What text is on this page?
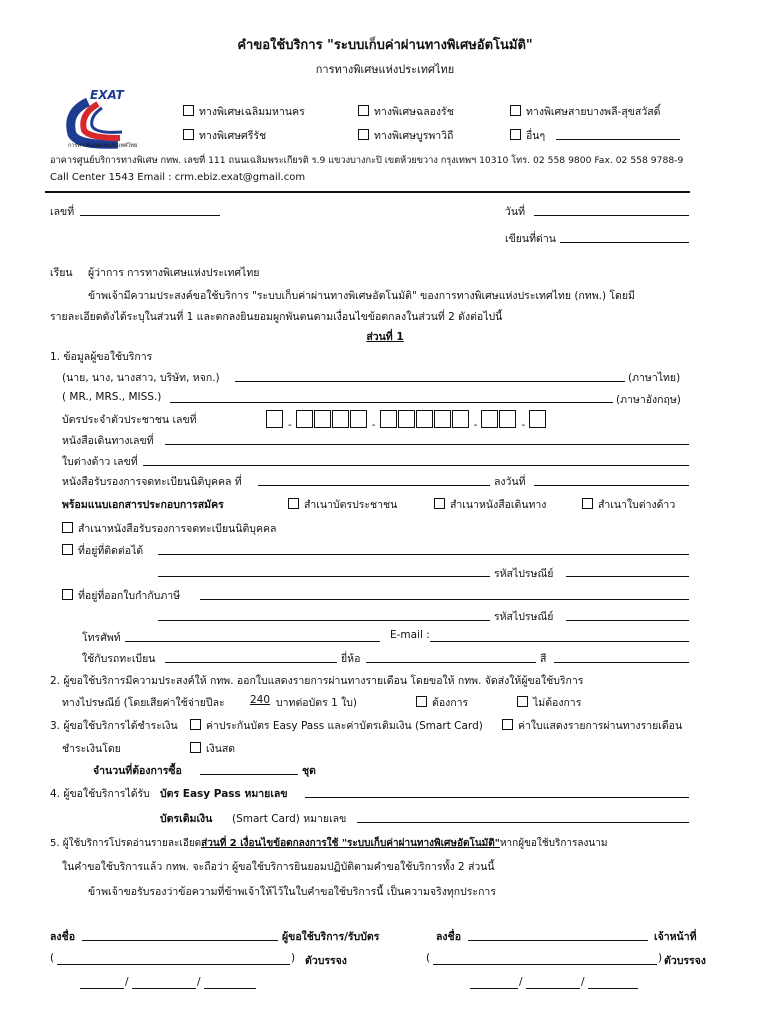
คำขอใช้บริการ "ระบบเก็บค่าผ่านทางพิเศษอัตโนมัติ"
การทางพิเศษแห่งประเทศไทย
EXAT
การทางพิเศษแห่งประเทศไทย
ทางพิเศษเฉลิมมหานคร	ทางพิเศษฉลองรัช	ทางพิเศษสายบางพลี-สุขสวัสดิ์
ทางพิเศษศรีรัช	ทางพิเศษบูรพาวิถี	อื่นๆ
อาคารศูนย์บริการทางพิเศษ กทพ. เลขที่ 111 ถนนเฉลิมพระเกียรติ ร.9 แขวงบางกะปิ เขตห้วยขวาง กรุงเทพฯ 10310 โทร. 02 558 9800 Fax. 02 558 9788-9
Call Center 1543 Email : crm.ebiz.exat@gmail.com
เลขที่	วันที่
เขียนที่ด่าน
เรียน ผู้ว่าการ การทางพิเศษแห่งประเทศไทย
ข้าพเจ้ามีความประสงค์ขอใช้บริการ "ระบบเก็บค่าผ่านทางพิเศษอัตโนมัติ" ของการทางพิเศษแห่งประเทศไทย (กทพ.) โดยมี
รายละเอียดดังได้ระบุในส่วนที่ 1 และตกลงยินยอมผูกพันตนตามเงื่อนไขข้อตกลงในส่วนที่ 2 ดังต่อไปนี้
ส่วนที่ 1
1. ข้อมูลผู้ขอใช้บริการ
(นาย, นาง, นางสาว, บริษัท, หจก.)	(ภาษาไทย)
( MR., MRS., MISS.)	(ภาษาอังกฤษ)
บัตรประจำตัวประชาชน เลขที่	-	-	-	-
หนังสือเดินทางเลขที่
ใบต่างด้าว เลขที่
หนังสือรับรองการจดทะเบียนนิติบุคคล ที่	ลงวันที่
พร้อมแนบเอกสารประกอบการสมัคร	สำเนาบัตรประชาชน	สำเนาหนังสือเดินทาง	สำเนาใบต่างด้าว
สำเนาหนังสือรับรองการจดทะเบียนนิติบุคคล
ที่อยู่ที่ติดต่อได้
รหัสไปรษณีย์
ที่อยู่ที่ออกใบกำกับภาษี
รหัสไปรษณีย์
โทรศัพท์	E-mail :
ใช้กับรถทะเบียน	ยี่ห้อ	สี
2. ผู้ขอใช้บริการมีความประสงค์ให้ กทพ. ออกใบแสดงรายการผ่านทางรายเดือน โดยขอให้ กทพ. จัดส่งให้ผู้ขอใช้บริการ
ทางไปรษณีย์ (โดยเสียค่าใช้จ่ายปีละ 240 บาทต่อบัตร 1 ใบ)	ต้องการ	ไม่ต้องการ
3. ผู้ขอใช้บริการได้ชำระเงิน	ค่าประกันบัตร Easy Pass และค่าบัตรเติมเงิน (Smart Card)	ค่าใบแสดงรายการผ่านทางรายเดือน
ชำระเงินโดย	เงินสด
จำนวนที่ต้องการซื้อ	ชุด
4. ผู้ขอใช้บริการได้รับ บัตร Easy Pass หมายเลข
บัตรเติมเงิน (Smart Card) หมายเลข
5. ผู้ใช้บริการโปรดอ่านรายละเอียดส่วนที่ 2 เงื่อนไขข้อตกลงการใช้ "ระบบเก็บค่าผ่านทางพิเศษอัตโนมัติ"หากผู้ขอใช้บริการลงนาม
ในคำขอใช้บริการแล้ว กทพ. จะถือว่า ผู้ขอใช้บริการยินยอมปฏิบัติตามคำขอใช้บริการทั้ง 2 ส่วนนี้
ข้าพเจ้าขอรับรองว่าข้อความที่ข้าพเจ้าให้ไว้ในใบคำขอใช้บริการนี้ เป็นความจริงทุกประการ
ลงชื่อ	ผู้ขอใช้บริการ/รับบัตร	ลงชื่อ	เจ้าหน้าที่
(	) ตัวบรรจง	(	) ตัวบรรจง
/	/	/	/
